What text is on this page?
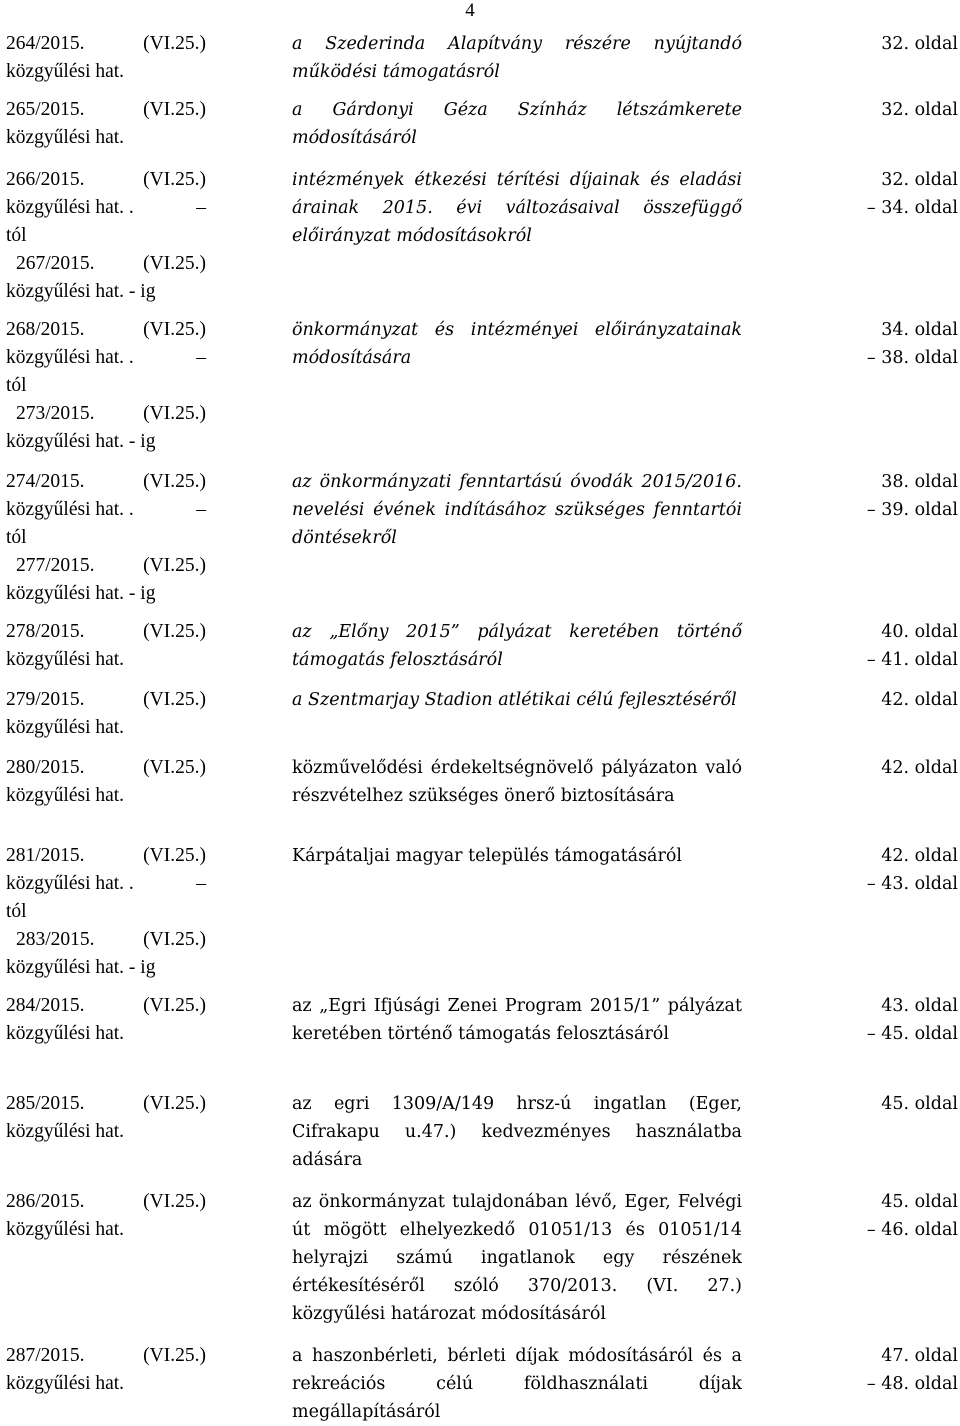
4
264/2015.	(VI.25.)
közgyűlési hat.
a Szederinda Alapítvány részére nyújtandó működési támogatásról
32. oldal
265/2015.	(VI.25.)
közgyűlési hat.
a Gárdonyi Géza Színház létszámkerete módosításáról
32. oldal
266/2015.	(VI.25.)
közgyűlési hat. .	–
tól
267/2015. (VI.25.)
közgyűlési hat. - ig
intézmények étkezési térítési díjainak és eladási árainak 2015. évi változásaival összefüggő előirányzat módosításokról
32. oldal
– 34. oldal
268/2015.	(VI.25.)
közgyűlési hat. .	–
tól
273/2015. (VI.25.)
közgyűlési hat. - ig
önkormányzat és intézményei előirányzatainak módosítására
34. oldal
– 38. oldal
274/2015.	(VI.25.)
közgyűlési hat. .	–
tól
277/2015. (VI.25.)
közgyűlési hat. - ig
az önkormányzati fenntartású óvodák 2015/2016. nevelési évének indításához szükséges fenntartói döntésekről
38. oldal
– 39. oldal
278/2015.	(VI.25.)
közgyűlési hat.
az „Előny 2015” pályázat keretében történő támogatás felosztásáról
40. oldal
– 41. oldal
279/2015.	(VI.25.)
közgyűlési hat.
a Szentmarjay Stadion atlétikai célú fejlesztéséről	42. oldal
280/2015.	(VI.25.)
közgyűlési hat.
közművelődési érdekeltségnövelő pályázaton való részvételhez szükséges önerő biztosítására
42. oldal
281/2015.	(VI.25.)
közgyűlési hat. .	–
tól
283/2015. (VI.25.)
közgyűlési hat. - ig
Kárpátaljai magyar település támogatásáról	42. oldal
– 43. oldal
284/2015.	(VI.25.)
közgyűlési hat.
az „Egri Ifjúsági Zenei Program 2015/1” pályázat keretében történő támogatás felosztásáról
43. oldal
– 45. oldal
285/2015.	(VI.25.)
közgyűlési hat.
az egri 1309/A/149 hrsz-ú ingatlan (Eger, Cifrakapu u.47.) kedvezményes használatba adására
45. oldal
286/2015.	(VI.25.)
közgyűlési hat.
az önkormányzat tulajdonában lévő, Eger, Felvégi út mögött elhelyezkedő 01051/13 és 01051/14 helyrajzi számú ingatlanok egy részének értékesítéséről szóló 370/2013. (VI. 27.) közgyűlési határozat módosításáról
45. oldal
– 46. oldal
287/2015.	(VI.25.)
közgyűlési hat.
a haszonbérleti, bérleti díjak módosításáról és a rekreációs célú földhasználati díjak megállapításáról
47. oldal
– 48. oldal
